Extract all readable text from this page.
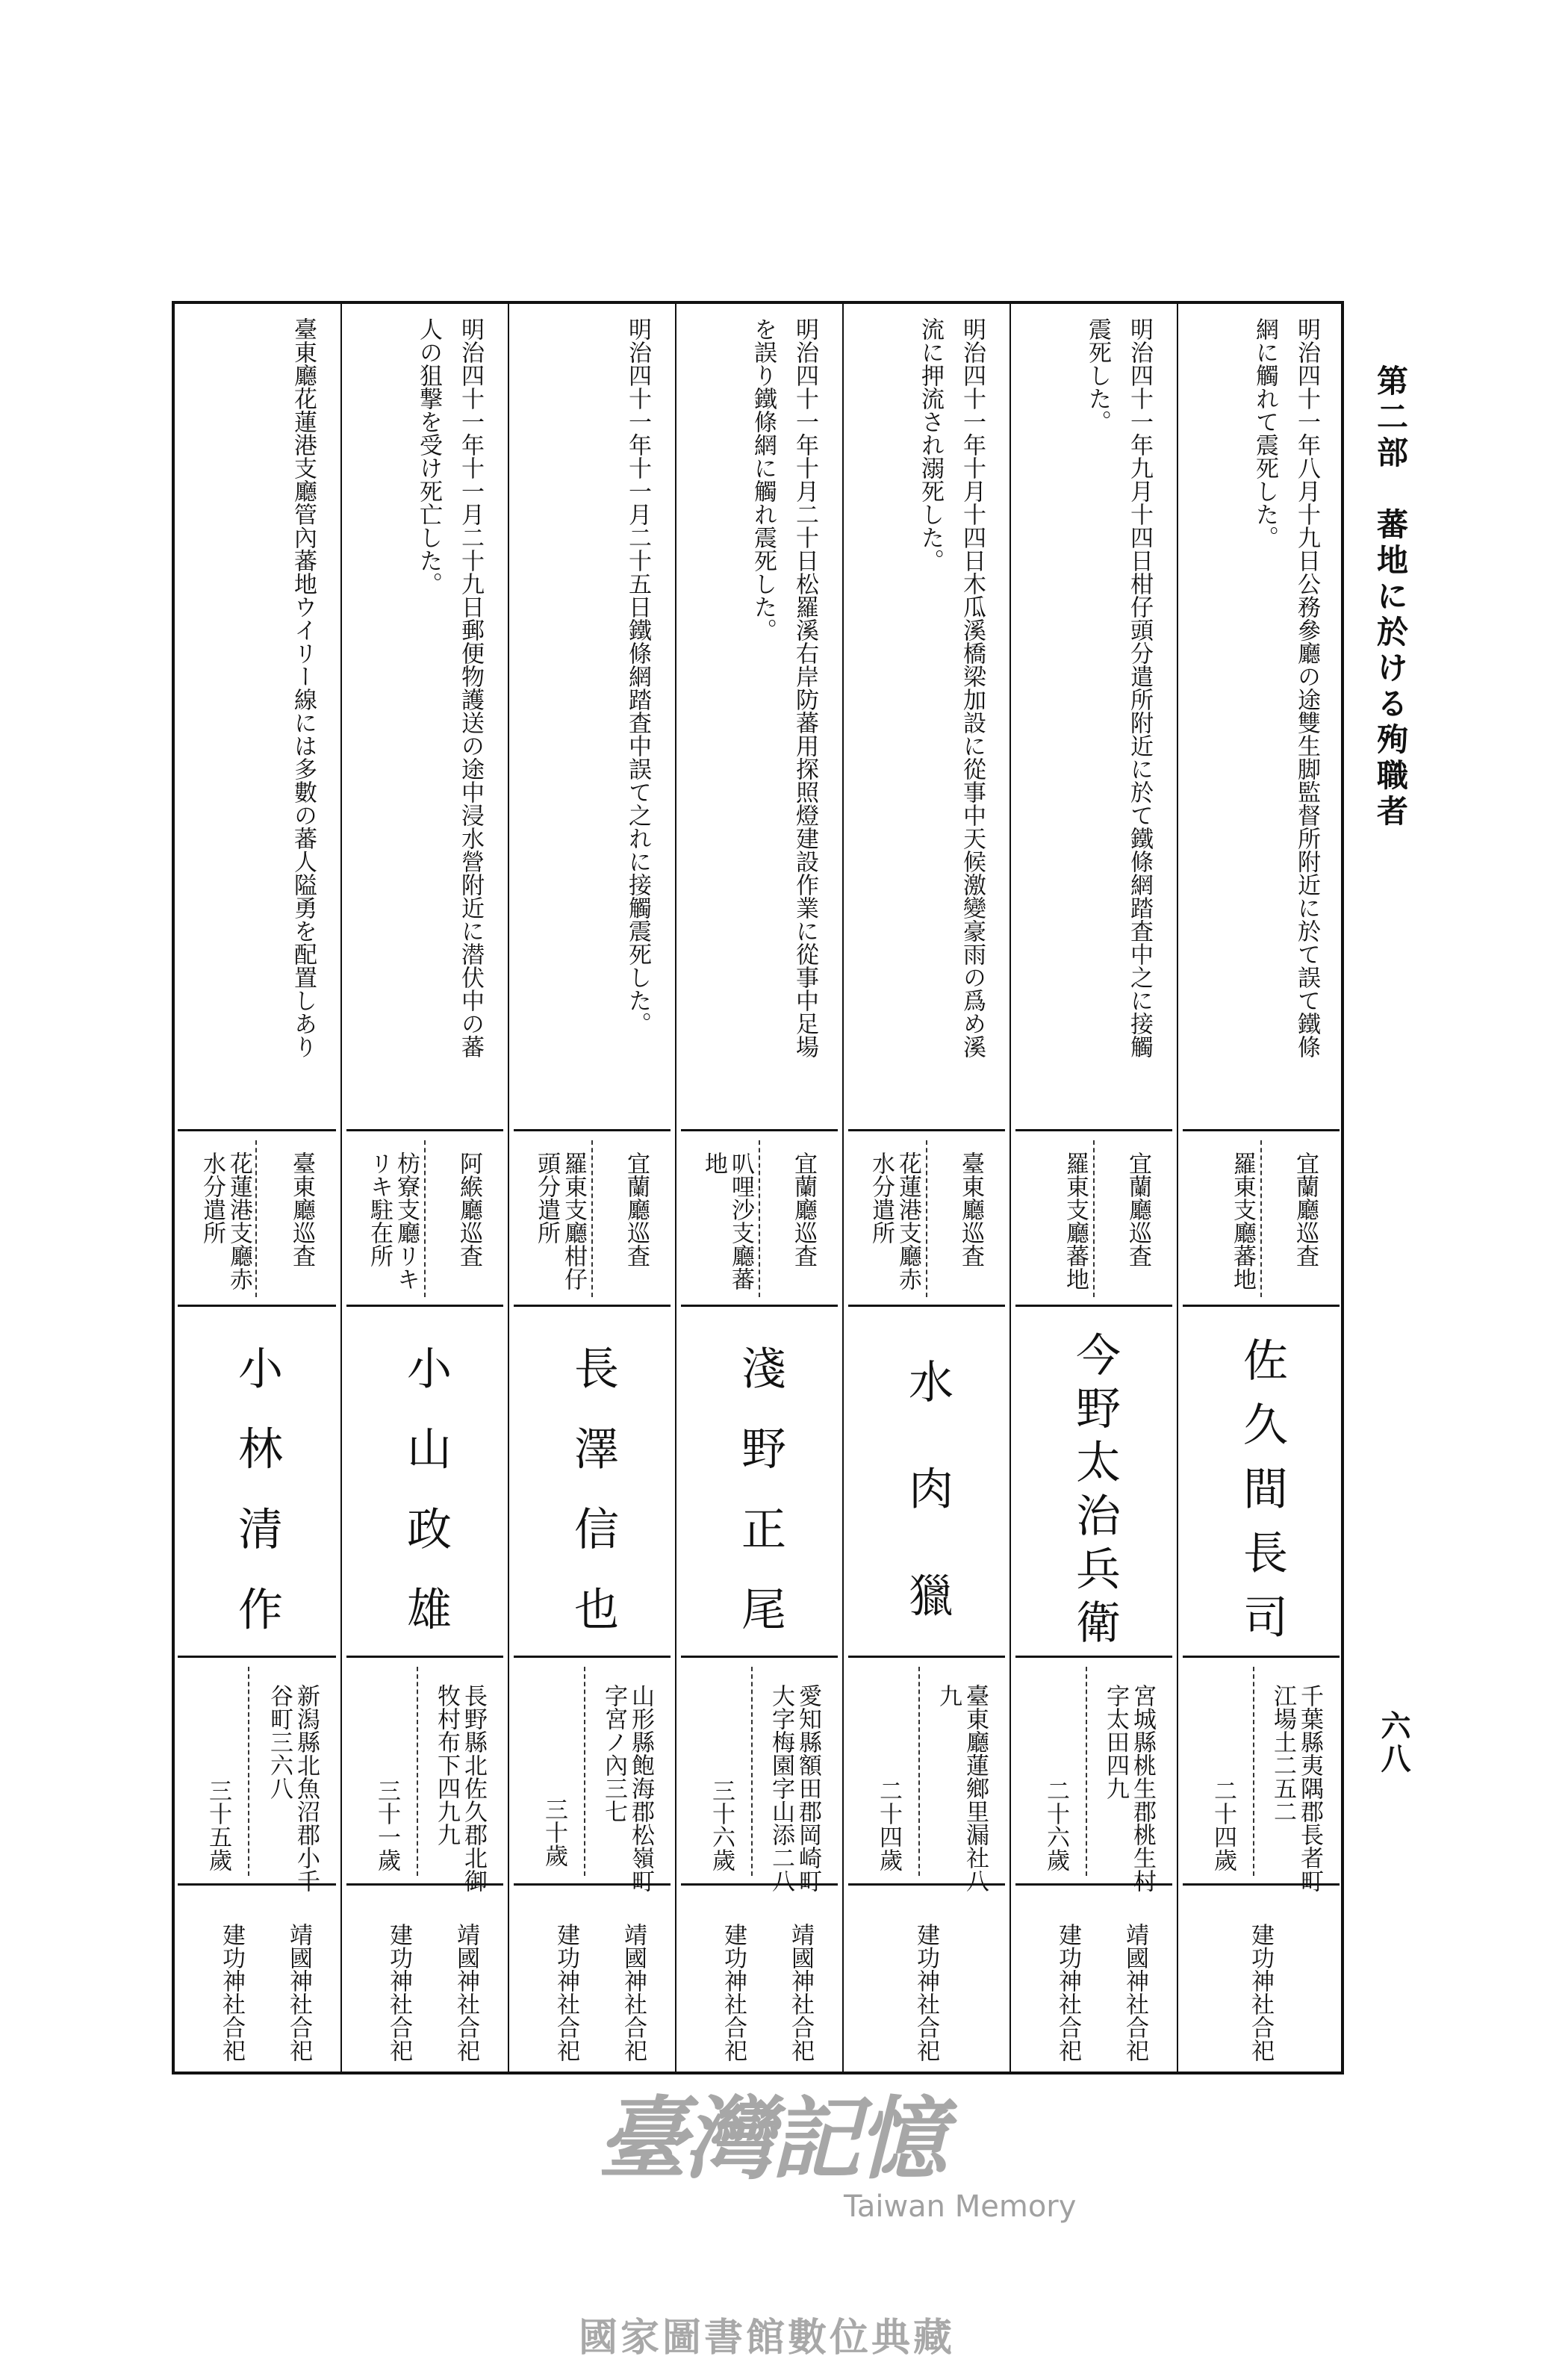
第二部　蕃地に於ける殉職者
六八
明治四十一年八月十九日公務參廳の途雙生脚監督所附近に於て誤て鐵條
網に觸れて震死した。
宜蘭廳巡査
羅東支廳蕃地
佐久間長司
千葉縣夷隅郡長者町
江場土二五二
二十四歲
建功神社合祀
明治四十一年九月十四日柑仔頭分遣所附近に於て鐵條網踏査中之に接觸
震死した。
宜蘭廳巡査
羅東支廳蕃地
今野太治兵衛
宮城縣桃生郡桃生村
字太田四九
二十六歲
靖國神社合祀
建功神社合祀
明治四十一年十月十四日木瓜溪橋梁加設に從事中天候激變豪雨の爲め溪
流に押流され溺死した。
臺東廳巡査
花蓮港支廳赤
水分遣所
水肉獵
臺東廳蓮鄉里漏社八
九
二十四歲
建功神社合祀
明治四十一年十月二十日松羅溪右岸防蕃用探照燈建設作業に從事中足場
を誤り鐵條網に觸れ震死した。
宜蘭廳巡査
叭哩沙支廳蕃
地
淺野正尾
愛知縣額田郡岡崎町
大字梅園字山添二八
三十六歲
靖國神社合祀
建功神社合祀
明治四十一年十一月二十五日鐵條網踏査中誤て之れに接觸震死した。
宜蘭廳巡査
羅東支廳柑仔
頭分遣所
長澤信也
山形縣飽海郡松嶺町
字宮ノ內三七
三十歲
靖國神社合祀
建功神社合祀
明治四十一年十一月二十九日郵便物護送の途中浸水營附近に潜伏中の蕃
人の狙撃を受け死亡した。
阿緱廳巡査
枋寮支廳リキ
リキ駐在所
小山政雄
長野縣北佐久郡北御
牧村布下四九九
三十一歲
靖國神社合祀
建功神社合祀
臺東廳花蓮港支廳管內蕃地ウイリー線には多數の蕃人隘勇を配置しあり
臺東廳巡査
花蓮港支廳赤
水分遣所
小林清作
新潟縣北魚沼郡小千
谷町三六八
三十五歲
靖國神社合祀
建功神社合祀
臺灣記憶
Taiwan Memory
國家圖書館數位典藏
